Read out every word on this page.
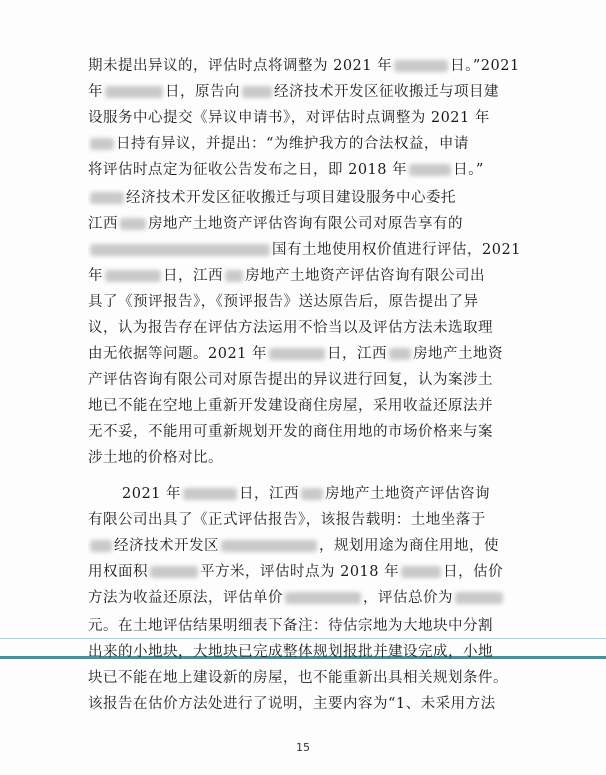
期未提出异议的，评估时点将调整为 2021 年	日。”2021
年	日，原告向 经济技术开发区征收搬迁与项目建
设服务中心提交《异议申请书》，对评估时点调整为 2021 年
日持有异议，并提出：“为维护我方的合法权益，申请
将评估时点定为征收公告发布之日，即 2018 年	日。”
经济技术开发区征收搬迁与项目建设服务中心委托
江西 房地产土地资产评估咨询有限公司对原告享有的
国有土地使用权价值进行评估，2021
年	日，江西 房地产土地资产评估咨询有限公司出
具了《预评报告》，《预评报告》送达原告后，原告提出了异
议，认为报告存在评估方法运用不恰当以及评估方法未选取理
由无依据等问题。2021 年	日，江西 房地产土地资
产评估咨询有限公司对原告提出的异议进行回复，认为案涉土
地已不能在空地上重新开发建设商住房屋，采用收益还原法并
无不妥，不能用可重新规划开发的商住用地的市场价格来与案
涉土地的价格对比。
2021 年	日，江西 房地产土地资产评估咨询
有限公司出具了《正式评估报告》，该报告载明：土地坐落于
经济技术开发区	，规划用途为商住用地，使
用权面积	平方米，评估时点为 2018 年	日，估价
方法为收益还原法，评估单价	，评估总价为
元。在土地评估结果明细表下备注：待估宗地为大地块中分割
出来的小地块，大地块已完成整体规划报批并建设完成，小地
块已不能在地上建设新的房屋，也不能重新出具相关规划条件。
该报告在估价方法处进行了说明，主要内容为“1、未采用方法
15
